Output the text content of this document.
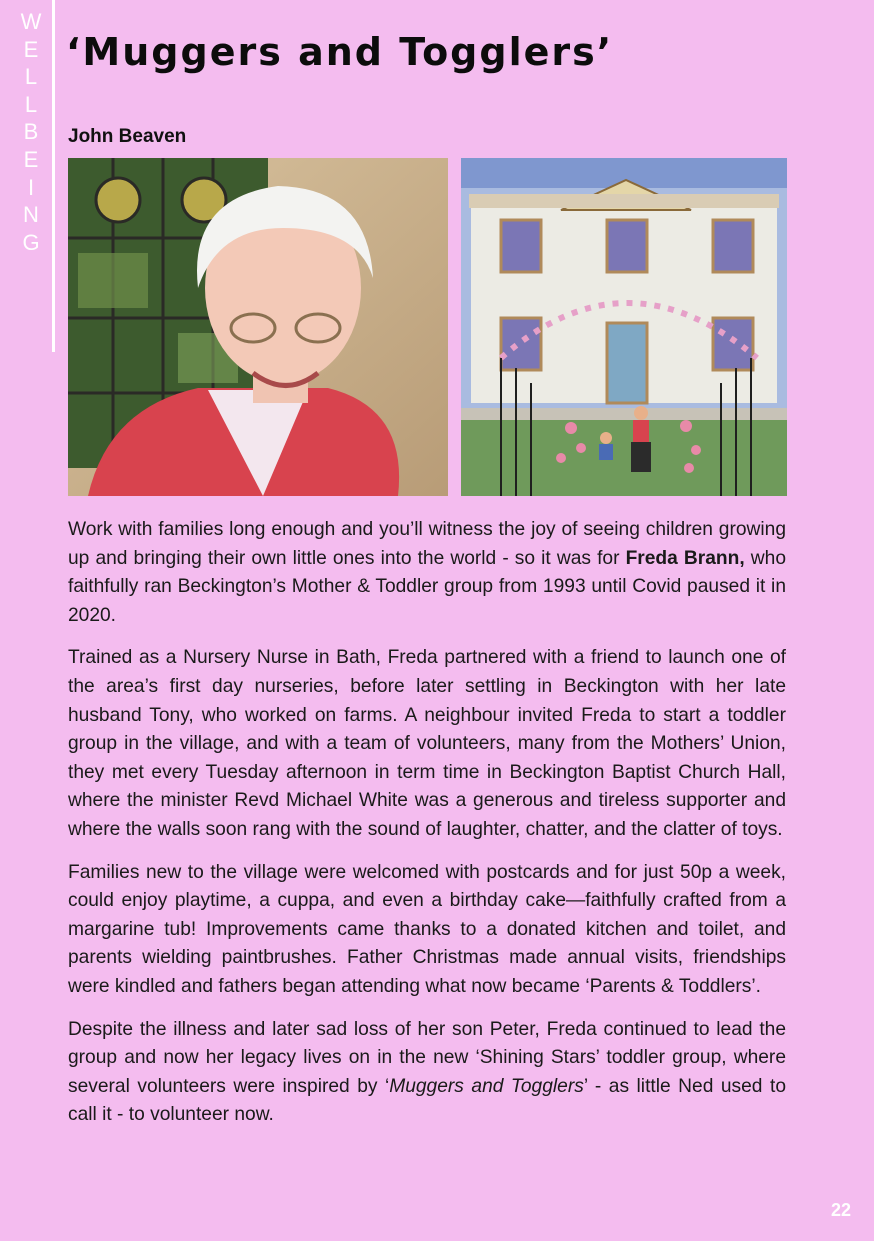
W
E
L
L
B
E
I
N
G
‘Muggers and Togglers’
John Beaven

Work with families long enough and you’ll witness the joy of seeing children growing up and bringing their own little ones into the world - so it was for Freda Brann, who faithfully ran Beckington’s Mother & Toddler group from 1993 until Covid paused it in 2020.

Trained as a Nursery Nurse in Bath, Freda partnered with a friend to launch one of the area’s first day nurseries, before later settling in Beckington with her late husband Tony, who worked on farms. A neighbour invited Freda to start a toddler group in the village, and with a team of volunteers, many from the Mothers’ Union, they met every Tuesday afternoon in term time in Beckington Baptist Church Hall, where the minister Revd Michael White was a generous and tireless supporter and where the walls soon rang with the sound of laughter, chatter, and the clatter of toys.

Families new to the village were welcomed with postcards and for just 50p a week, could enjoy playtime, a cuppa, and even a birthday cake—faithfully crafted from a margarine tub! Improvements came thanks to a donated kitchen and toilet, and parents wielding paintbrushes. Father Christmas made annual visits, friendships were kindled and fathers began attending what now became ‘Parents & Toddlers’.

Despite the illness and later sad loss of her son Peter, Freda continued to lead the group and now her legacy lives on in the new ‘Shining Stars’ toddler group, where several volunteers were inspired by ‘Muggers and Togglers’ - as little Ned used to call it - to volunteer now.

22
